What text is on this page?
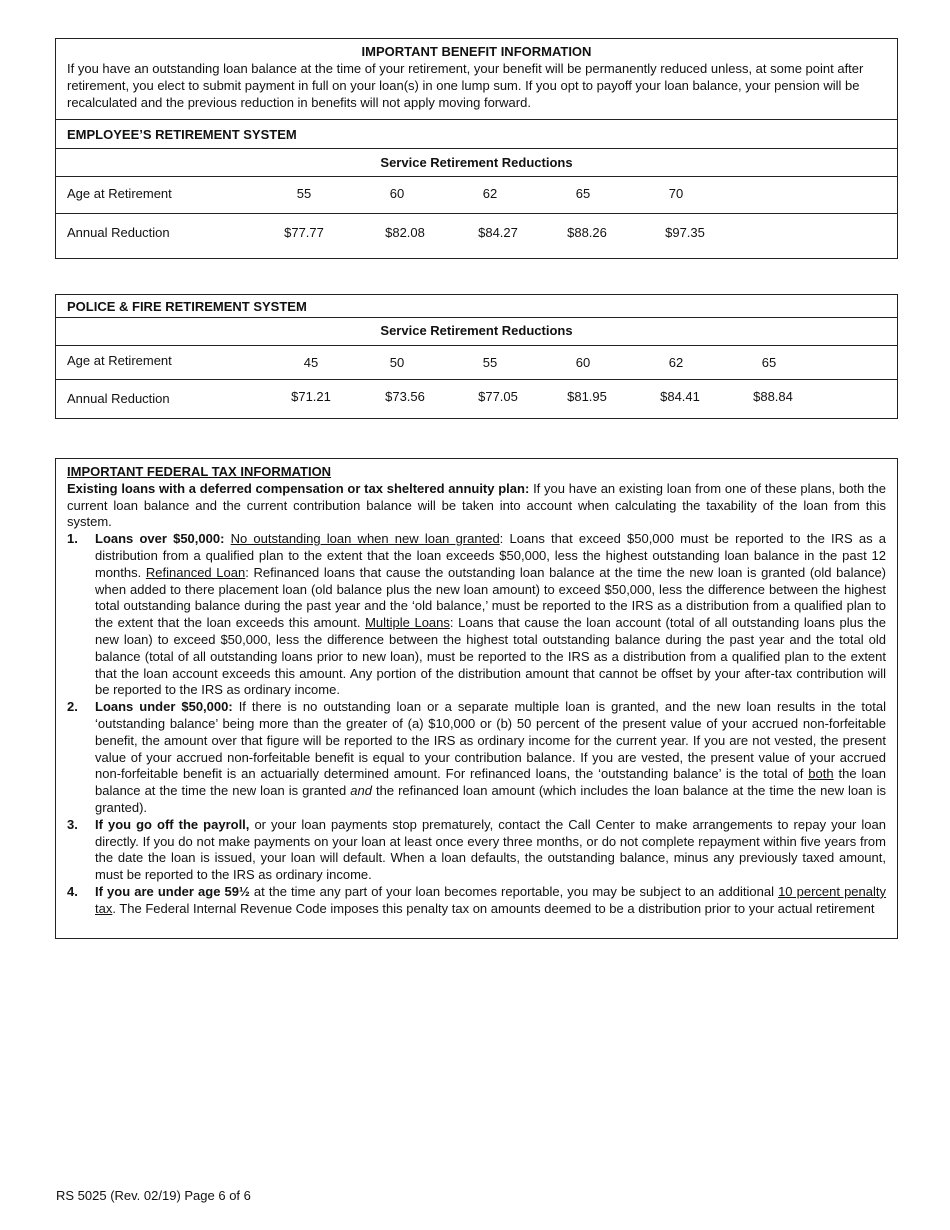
IMPORTANT BENEFIT INFORMATION
If you have an outstanding loan balance at the time of your retirement, your benefit will be permanently reduced unless, at some point after retirement, you elect to submit payment in full on your loan(s) in one lump sum. If you opt to payoff your loan balance, your pension will be recalculated and the previous reduction in benefits will not apply moving forward.
EMPLOYEE’S RETIREMENT SYSTEM
Service Retirement Reductions
Age at Retirement	55	60	62	65	70
Annual Reduction	$77.77	$82.08	$84.27	$88.26	$97.35
POLICE & FIRE RETIREMENT SYSTEM
Service Retirement Reductions
Age at Retirement	45	50	55	60	62	65
Annual Reduction	$71.21	$73.56	$77.05	$81.95	$84.41	$88.84
IMPORTANT FEDERAL TAX INFORMATION

Existing loans with a deferred compensation or tax sheltered annuity plan: If you have an existing loan from one of these plans, both the current loan balance and the current contribution balance will be taken into account when calculating the taxability of the loan from this system.

1. Loans over $50,000: No outstanding loan when new loan granted: Loans that exceed $50,000 must be reported to the IRS as a distribution from a qualified plan to the extent that the loan exceeds $50,000, less the highest outstanding loan balance in the past 12 months. Refinanced Loan: Refinanced loans that cause the outstanding loan balance at the time the new loan is granted (old balance) when added to there placement loan (old balance plus the new loan amount) to exceed $50,000, less the difference between the highest total outstanding balance during the past year and the ‘old balance,’ must be reported to the IRS as a distribution from a qualified plan to the extent that the loan exceeds this amount. Multiple Loans: Loans that cause the loan account (total of all outstanding loans plus the new loan) to exceed $50,000, less the difference between the highest total outstanding balance during the past year and the total old balance (total of all outstanding loans prior to new loan), must be reported to the IRS as a distribution from a qualified plan to the extent that the loan account exceeds this amount. Any portion of the distribution amount that cannot be offset by your after-tax contribution will be reported to the IRS as ordinary income.
2. Loans under $50,000: If there is no outstanding loan or a separate multiple loan is granted, and the new loan results in the total ‘outstanding balance’ being more than the greater of (a) $10,000 or (b) 50 percent of the present value of your accrued non-forfeitable benefit, the amount over that figure will be reported to the IRS as ordinary income for the current year. If you are not vested, the present value of your accrued non-forfeitable benefit is equal to your contribution balance. If you are vested, the present value of your accrued non-forfeitable benefit is an actuarially determined amount. For refinanced loans, the ‘outstanding balance’ is the total of both the loan balance at the time the new loan is granted and the refinanced loan amount (which includes the loan balance at the time the new loan is granted).
3. If you go off the payroll, or your loan payments stop prematurely, contact the Call Center to make arrangements to repay your loan directly. If you do not make payments on your loan at least once every three months, or do not complete repayment within five years from the date the loan is issued, your loan will default. When a loan defaults, the outstanding balance, minus any previously taxed amount, must be reported to the IRS as ordinary income.
4. If you are under age 59½ at the time any part of your loan becomes reportable, you may be subject to an additional 10 percent penalty tax. The Federal Internal Revenue Code imposes this penalty tax on amounts deemed to be a distribution prior to your actual retirement
RS 5025 (Rev. 02/19) Page 6 of 6
